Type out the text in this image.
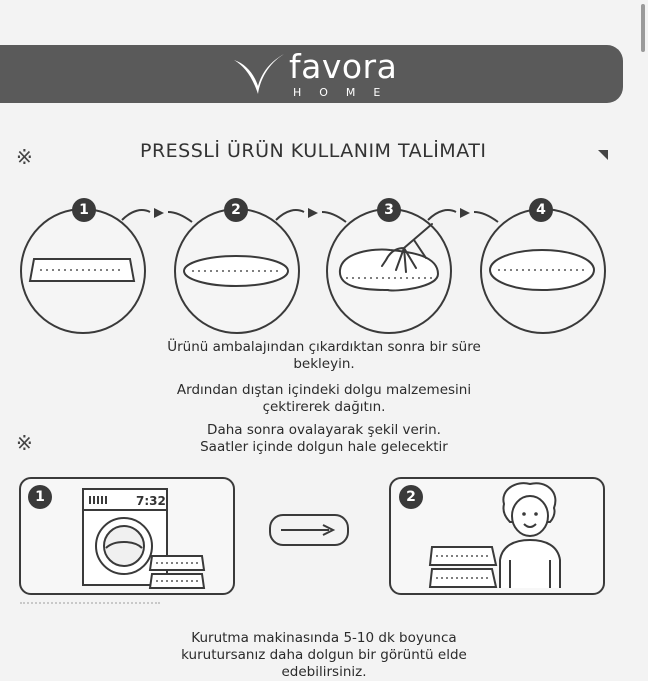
favora
HOME
※	PRESSLİ ÜRÜN KULLANIM TALİMATI
1	2	3	4
Ürünü ambalajından çıkardıktan sonra bir süre
bekleyin.
Ardından dıştan içindeki dolgu malzemesini
çektirerek dağıtın.
Daha sonra ovalayarak şekil verin.
Saatler içinde dolgun hale gelecektir
※
1	7:32	2
Kurutma makinasında 5-10 dk boyunca
kurutursanız daha dolgun bir görüntü elde
edebilirsiniz.
